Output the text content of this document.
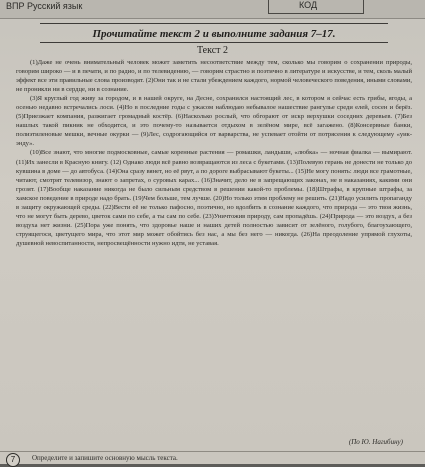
ВПР Русский язык	КОД
Прочитайте текст 2 и выполните задания 7–17.
Текст 2

(1)Даже не очень внимательный человек может заметить несоответствие между тем, сколько мы говорим о сохранении природы, говорим широко — и в печати, и по радио, и по телевидению, — говорим страстно и поэтично в литературе и искусстве, и тем, сколь малый эффект все эти правильные слова производят. (2)Они так и не стали убеждением каждого, нормой человеческого поведения, иными словами, не проникли ни в сердце, ни в сознание.

(3)Я круглый год живу за городом, и в нашей округе, на Десне, сохранился настоящий лес, в котором я сейчас есть грибы, ягоды, а осенью недавно встречались лоси. (4)Но в последние годы с ужасом наблюдаю небывалое нашествие рангулье среди елей, сосен и берёз. (5)Приезжает компания, разжигает громадный костёр. (6)Насколько рослый, что обгорают от искр верхушки соседних деревьев. (7)Без нашлых такой пикник не обходится, и это почему-то называется отдыхом в зелёном мире, всё загажено. (8)Консервные банки, полиэтиленовые мешки, вечные окурки — (9)Лес, содрогающийся от варварства, не успевает отойти от потрясения к следующему «уик-энду».

(10)Все знают, что многие подмосковные, самые коренные растения — ромашки, ландыши, «любка» — ночная фиалка — вымирают. (11)Их занесли в Красную книгу. (12) Однако люди всё равно возвращаются из леса с букетами. (13)Полевую герань не донести не только до кувшина в доме — до автобуса. (14)Она сразу вянет, но её рвут, а по дороге выбрасывают букеты... (15)Не могу понять: люди все грамотные, читают, смотрят телевизор, знают о запретах, о суровых карах... (16)Значит, дело не в запрещающих законах, не в наказаниях, какими они грозят. (17)Вообще наказание никогда не было сильным средством в решении какой-то проблемы. (18)Штрафы, в крупные штрафы, за хамское поведение в природе надо брать. (19)Чем больше, тем лучше. (20)Но только этим проблему не решить. (21)Надо усилить пропаганду в защиту окружающей среды. (22)Вести её не только пафосно, поэтично, но вдолбить в сознание каждого, что природа — это твоя жизнь, что не могут быть дерево, цветок сами по себе, а ты сам по себе. (23)Уничтожив природу, сам пропадёшь. (24)Природа — это воздух, а без воздуха нет жизни. (25)Пора уже понять, что здоровье наше и наших детей полностью зависит от зелёного, голубого, благоухающего, струящегося, цветущего мира, что этот мир может обойтись без нас, а мы без него — никогда. (26)На преодоление упрямой глухоты, душевной невоспитанности, непросвещённости нужно идти, не уставая.

(По Ю. Нагибину)
7	Определите и запишите основную мысль текста.
